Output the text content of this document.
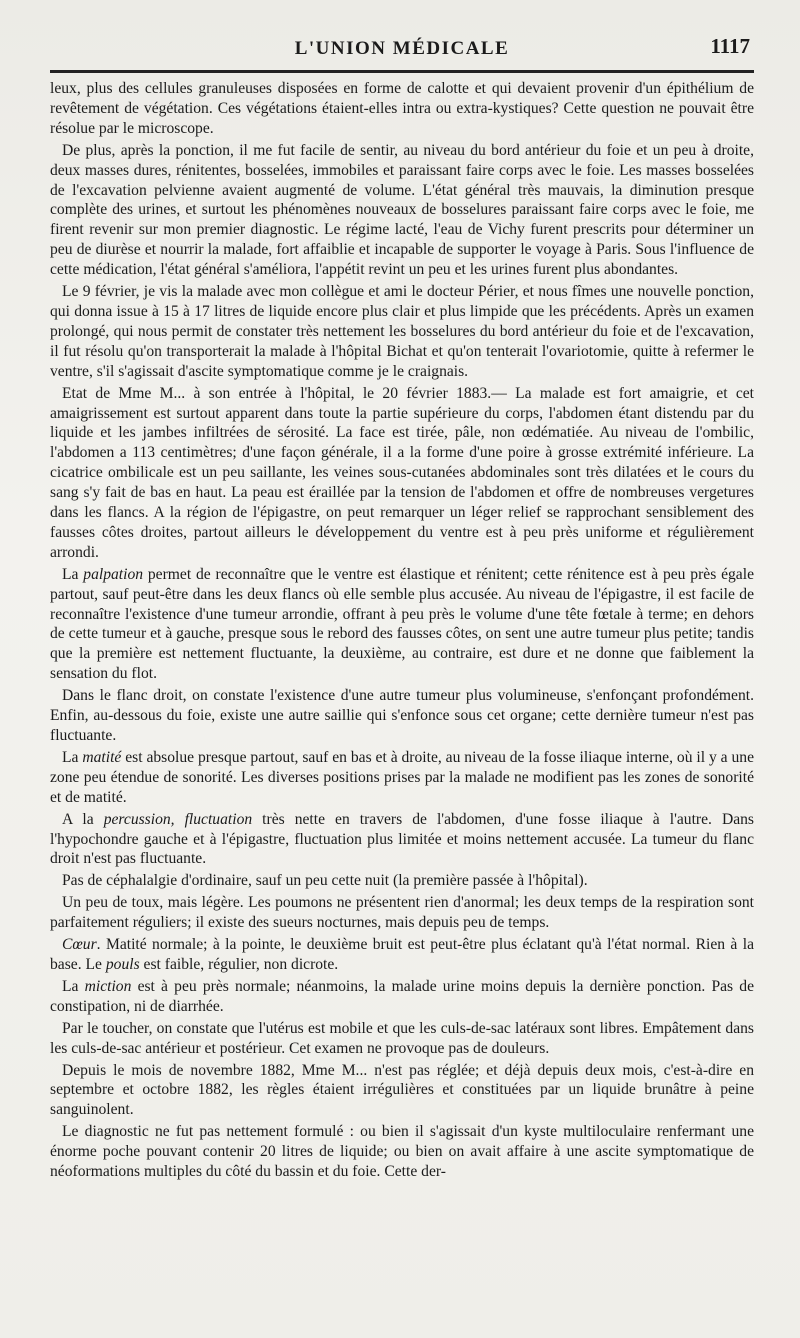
L'UNION MÉDICALE	1117

leux, plus des cellules granuleuses disposées en forme de calotte et qui devaient provenir d'un épithélium de revêtement de végétation. Ces végétations étaient-elles intra ou extra-kystiques? Cette question ne pouvait être résolue par le microscope.

De plus, après la ponction, il me fut facile de sentir, au niveau du bord antérieur du foie et un peu à droite, deux masses dures, rénitentes, bosselées, immobiles et paraissant faire corps avec le foie. Les masses bosselées de l'excavation pelvienne avaient augmenté de volume. L'état général très mauvais, la diminution presque complète des urines, et surtout les phénomènes nouveaux de bosselures paraissant faire corps avec le foie, me firent revenir sur mon premier diagnostic. Le régime lacté, l'eau de Vichy furent prescrits pour déterminer un peu de diurèse et nourrir la malade, fort affaiblie et incapable de supporter le voyage à Paris. Sous l'influence de cette médication, l'état général s'améliora, l'appétit revint un peu et les urines furent plus abondantes.

Le 9 février, je vis la malade avec mon collègue et ami le docteur Périer, et nous fîmes une nouvelle ponction, qui donna issue à 15 à 17 litres de liquide encore plus clair et plus limpide que les précédents. Après un examen prolongé, qui nous permit de constater très nettement les bosselures du bord antérieur du foie et de l'excavation, il fut résolu qu'on transporterait la malade à l'hôpital Bichat et qu'on tenterait l'ovariotomie, quitte à refermer le ventre, s'il s'agissait d'ascite symptomatique comme je le craignais.

Etat de Mme M... à son entrée à l'hôpital, le 20 février 1883.— La malade est fort amaigrie, et cet amaigrissement est surtout apparent dans toute la partie supérieure du corps, l'abdomen étant distendu par du liquide et les jambes infiltrées de sérosité. La face est tirée, pâle, non œdématiée. Au niveau de l'ombilic, l'abdomen a 113 centimètres; d'une façon générale, il a la forme d'une poire à grosse extrémité inférieure. La cicatrice ombilicale est un peu saillante, les veines sous-cutanées abdominales sont très dilatées et le cours du sang s'y fait de bas en haut. La peau est éraillée par la tension de l'abdomen et offre de nombreuses vergetures dans les flancs. A la région de l'épigastre, on peut remarquer un léger relief se rapprochant sensiblement des fausses côtes droites, partout ailleurs le développement du ventre est à peu près uniforme et régulièrement arrondi.

La palpation permet de reconnaître que le ventre est élastique et rénitent; cette rénitence est à peu près égale partout, sauf peut-être dans les deux flancs où elle semble plus accusée. Au niveau de l'épigastre, il est facile de reconnaître l'existence d'une tumeur arrondie, offrant à peu près le volume d'une tête fœtale à terme; en dehors de cette tumeur et à gauche, presque sous le rebord des fausses côtes, on sent une autre tumeur plus petite; tandis que la première est nettement fluctuante, la deuxième, au contraire, est dure et ne donne que faiblement la sensation du flot.

Dans le flanc droit, on constate l'existence d'une autre tumeur plus volumineuse, s'enfonçant profondément. Enfin, au-dessous du foie, existe une autre saillie qui s'enfonce sous cet organe; cette dernière tumeur n'est pas fluctuante.

La matité est absolue presque partout, sauf en bas et à droite, au niveau de la fosse iliaque interne, où il y a une zone peu étendue de sonorité. Les diverses positions prises par la malade ne modifient pas les zones de sonorité et de matité.

A la percussion, fluctuation très nette en travers de l'abdomen, d'une fosse iliaque à l'autre. Dans l'hypochondre gauche et à l'épigastre, fluctuation plus limitée et moins nettement accusée. La tumeur du flanc droit n'est pas fluctuante.

Pas de céphalalgie d'ordinaire, sauf un peu cette nuit (la première passée à l'hôpital).

Un peu de toux, mais légère. Les poumons ne présentent rien d'anormal; les deux temps de la respiration sont parfaitement réguliers; il existe des sueurs nocturnes, mais depuis peu de temps.

Cœur. Matité normale; à la pointe, le deuxième bruit est peut-être plus éclatant qu'à l'état normal. Rien à la base. Le pouls est faible, régulier, non dicrote.

La miction est à peu près normale; néanmoins, la malade urine moins depuis la dernière ponction. Pas de constipation, ni de diarrhée.

Par le toucher, on constate que l'utérus est mobile et que les culs-de-sac latéraux sont libres. Empâtement dans les culs-de-sac antérieur et postérieur. Cet examen ne provoque pas de douleurs.

Depuis le mois de novembre 1882, Mme M... n'est pas réglée; et déjà depuis deux mois, c'est-à-dire en septembre et octobre 1882, les règles étaient irrégulières et constituées par un liquide brunâtre à peine sanguinolent.

Le diagnostic ne fut pas nettement formulé : ou bien il s'agissait d'un kyste multiloculaire renfermant une énorme poche pouvant contenir 20 litres de liquide; ou bien on avait affaire à une ascite symptomatique de néoformations multiples du côté du bassin et du foie. Cette der-
